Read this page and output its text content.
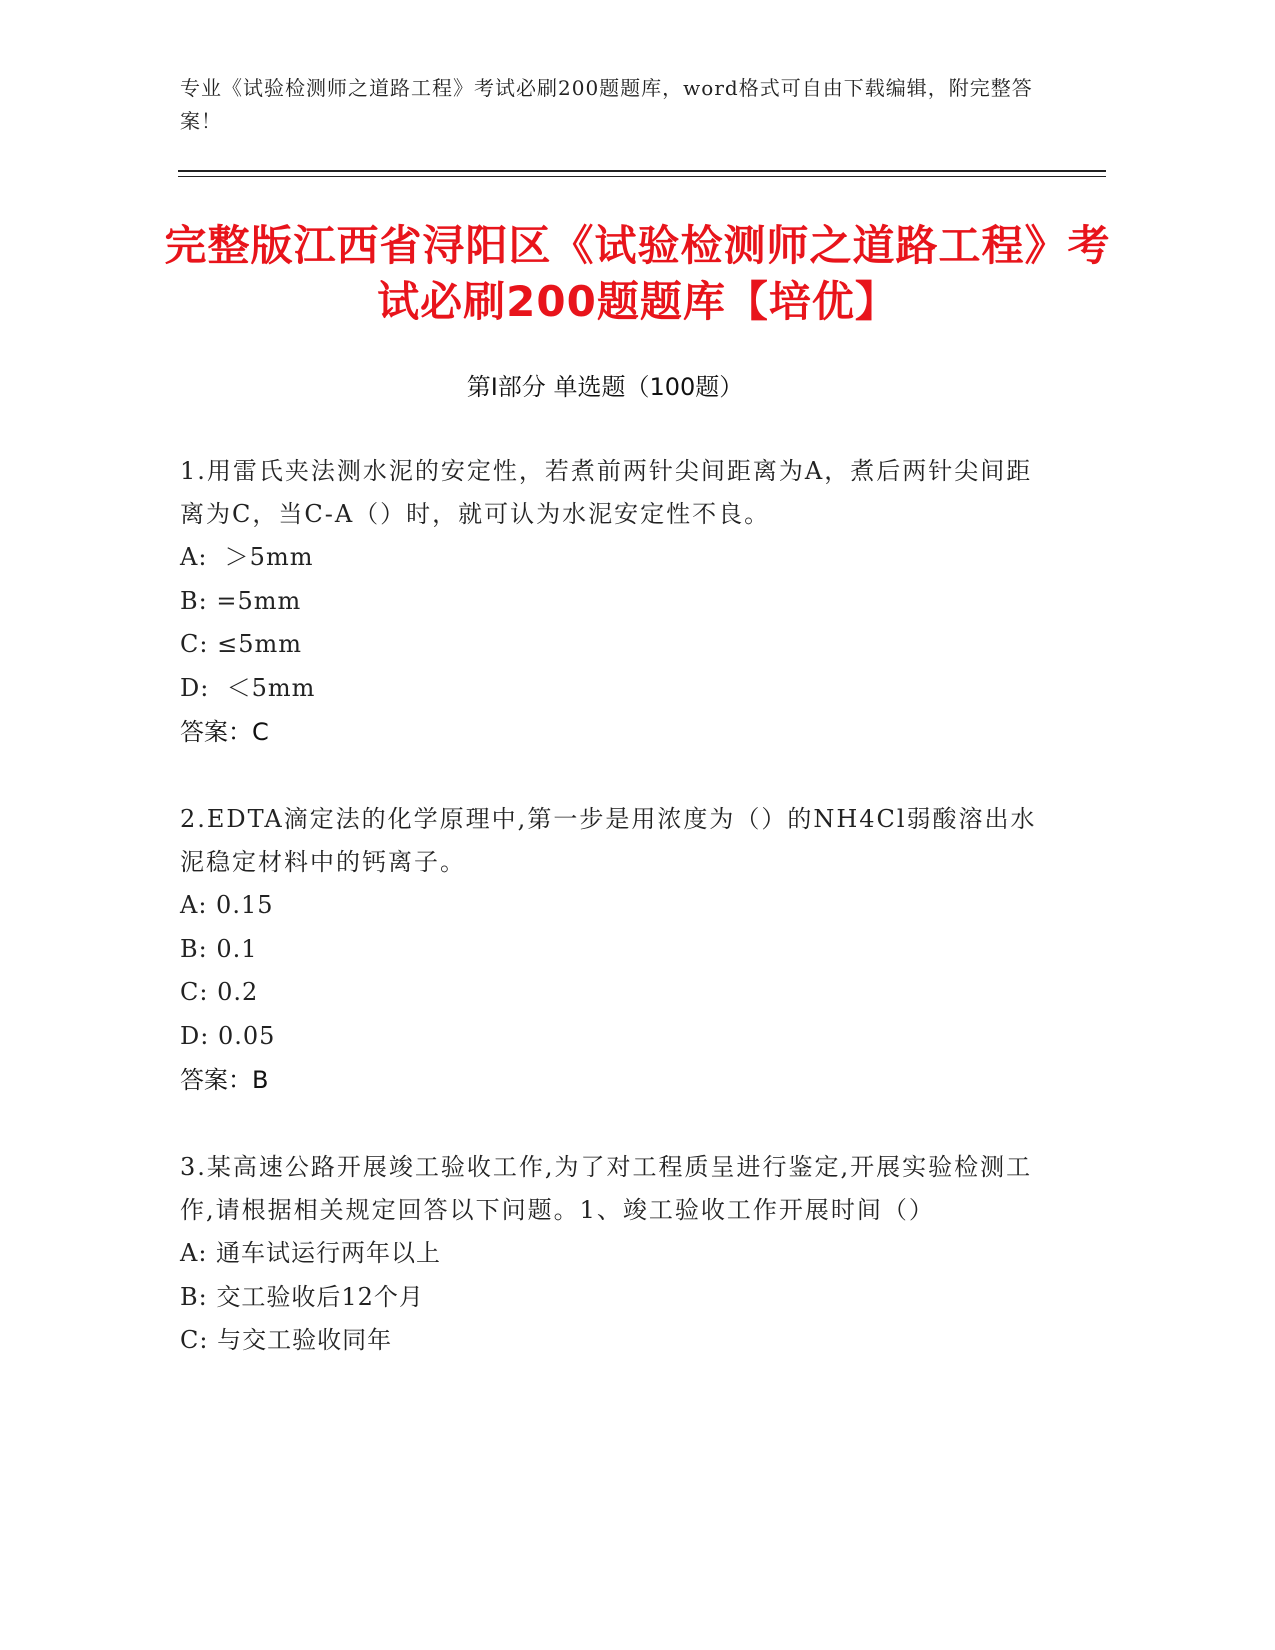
专业《试验检测师之道路工程》考试必刷200题题库，word格式可自由下载编辑，附完整答案！
完整版江西省浔阳区《试验检测师之道路工程》考试必刷200题题库【培优】
第I部分 单选题（100题）

1.用雷氏夹法测水泥的安定性，若煮前两针尖间距离为A，煮后两针尖间距离为C，当C-A（）时，就可认为水泥安定性不良。

A:  ＞5mm

B: =5mm

C: ≤5mm

D:  ＜5mm

答案：C

2.EDTA滴定法的化学原理中,第一步是用浓度为（）的NH4Cl弱酸溶出水泥稳定材料中的钙离子。

A: 0.15

B: 0.1

C: 0.2

D: 0.05

答案：B

3.某高速公路开展竣工验收工作,为了对工程质呈进行鉴定,开展实验检测工作,请根据相关规定回答以下问题。1、竣工验收工作开展时间（）

A: 通车试运行两年以上

B: 交工验收后12个月

C: 与交工验收同年
